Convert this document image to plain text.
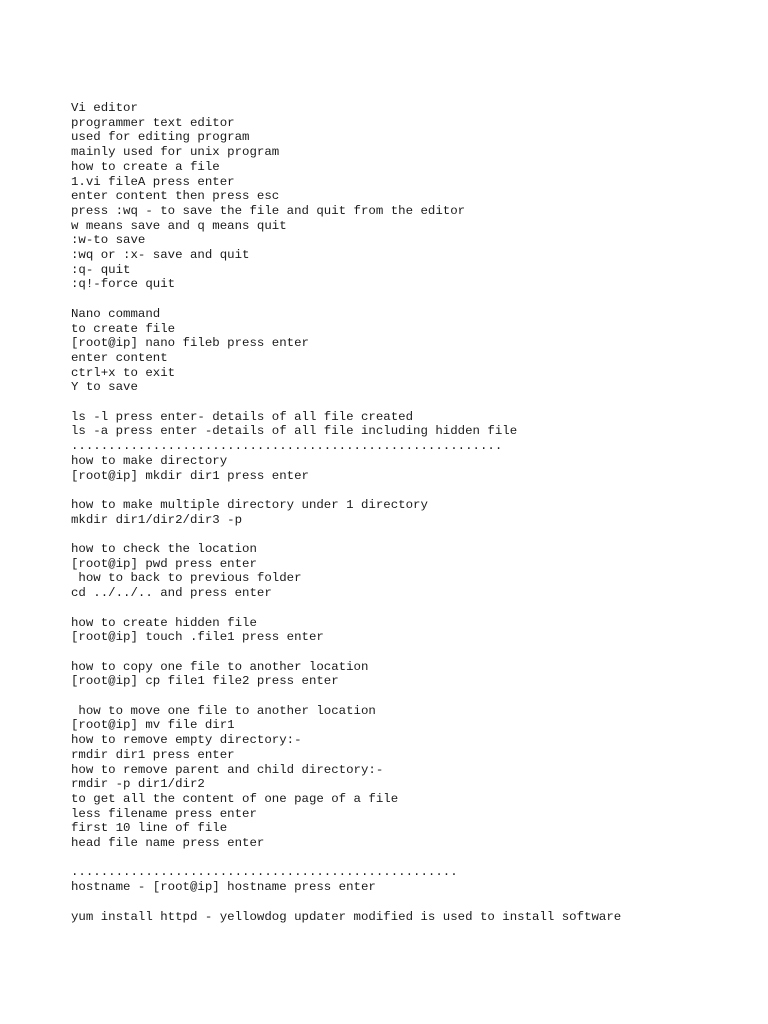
Vi editor
programmer text editor
used for editing program
mainly used for unix program
how to create a file
1.vi fileA press enter
enter content then press esc
press :wq - to save the file and quit from the editor
w means save and q means quit
:w-to save
:wq or :x- save and quit
:q- quit
:q!-force quit
Nano command
to create file
[root@ip] nano fileb press enter
enter content
ctrl+x to exit
Y to save
ls -l press enter- details of all file created
ls -a press enter -details of all file including hidden file
..........................................................
how to make directory
[root@ip] mkdir dir1 press enter
how to make multiple directory under 1 directory
mkdir dir1/dir2/dir3 -p
how to check the location
[root@ip] pwd press enter
how to back to previous folder
cd ../../.. and press enter
how to create hidden file
[root@ip] touch .file1 press enter
how to copy one file to another location
[root@ip] cp file1 file2 press enter
how to move one file to another location
[root@ip] mv file dir1
how to remove empty directory:-
rmdir dir1 press enter
how to remove parent and child directory:-
rmdir -p dir1/dir2
to get all the content of one page of a file
less filename press enter
first 10 line of file
head file name press enter
....................................................
hostname - [root@ip] hostname press enter
yum install httpd - yellowdog updater modified is used to install software
